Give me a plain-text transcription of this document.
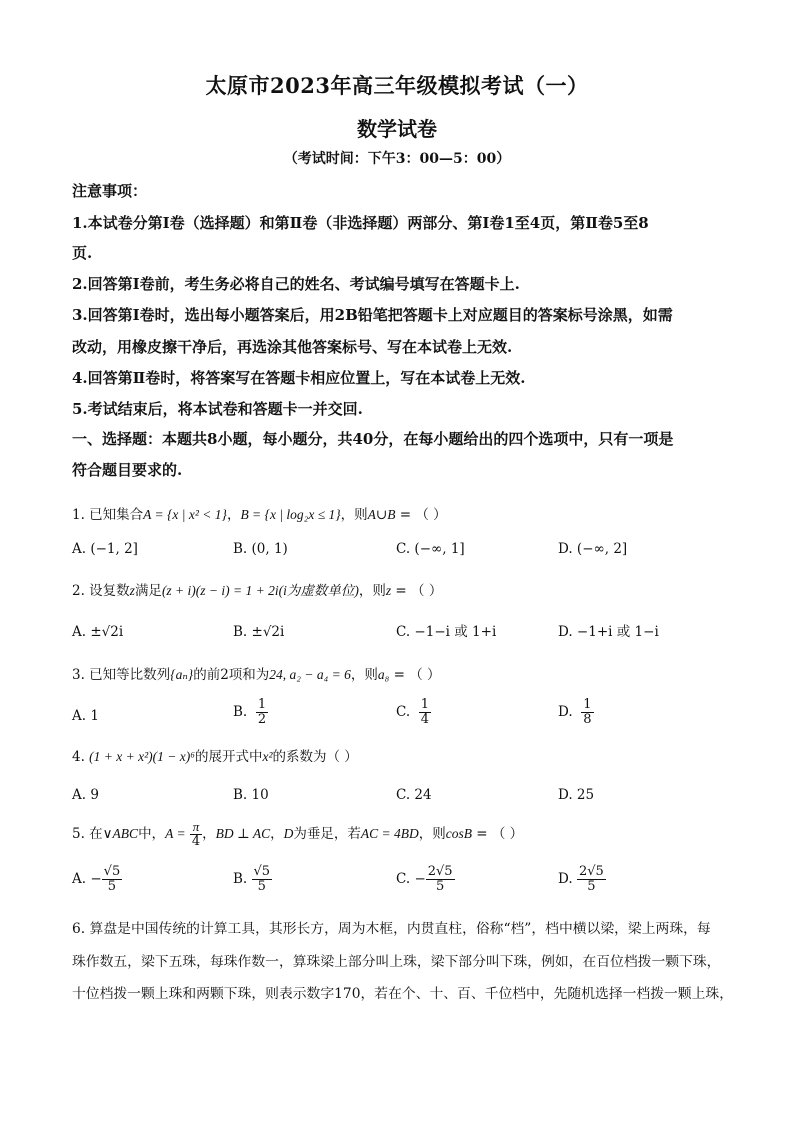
太原市2023年高三年级模拟考试（一）
数学试卷
（考试时间：下午3：00—5：00）
注意事项：
1.本试卷分第Ⅰ卷（选择题）和第Ⅱ卷（非选择题）两部分、第Ⅰ卷1至4页，第Ⅱ卷5至8
页.
2.回答第Ⅰ卷前，考生务必将自己的姓名、考试编号填写在答题卡上.
3.回答第Ⅰ卷时，选出每小题答案后，用2B铅笔把答题卡上对应题目的答案标号涂黑，如需
改动，用橡皮擦干净后，再选涂其他答案标号、写在本试卷上无效.
4.回答第Ⅱ卷时，将答案写在答题卡相应位置上，写在本试卷上无效.
5.考试结束后，将本试卷和答题卡一并交回.
一、选择题：本题共8小题，每小题分，共40分，在每小题给出的四个选项中，只有一项是
符合题目要求的.
1. 已知集合A = {x | x² < 1}，B = {x | log₂x ≤ 1}，则A∪B = （ ）
A. (−1, 2]	B. (0, 1)	C. (−∞, 1]	D. (−∞, 2]
2. 设复数z满足(z + i)(z − i) = 1 + 2i(i为虚数单位)，则z = （ ）
A. ±√2i	B. ±√2i	C. −1−i 或 1+i	D. −1+i 或 1−i
3. 已知等比数列{aₙ}的前2项和为24, a₂ − a₄ = 6，则a₈ = （ ）
A. 1	B. $\frac{1}{2}$	C. $\frac{1}{4}$	D. $\frac{1}{8}$
4. (1 + x + x²)(1 − x)⁶的展开式中x²的系数为（ ）
A. 9	B. 10	C. 24	D. 25
5. 在∨ABC中，$A = \frac{\pi}{4}$ ，BD ⊥ AC，D为垂足，若AC = 4BD，则cosB = （ ）
A. − $\frac{√5}{5}$	B. $\frac{√5}{5}$	C. − $\frac{2√5}{5}$	D. $\frac{2√5}{5}$
6. 算盘是中国传统的计算工具，其形长方，周为木框，内贯直柱，俗称“档”，档中横以梁，梁上两珠，每
珠作数五，梁下五珠，每珠作数一，算珠梁上部分叫上珠，梁下部分叫下珠，例如，在百位档拨一颗下珠，
十位档拨一颗上珠和两颗下珠，则表示数字170，若在个、十、百、千位档中，先随机选择一档拨一颗上珠，
